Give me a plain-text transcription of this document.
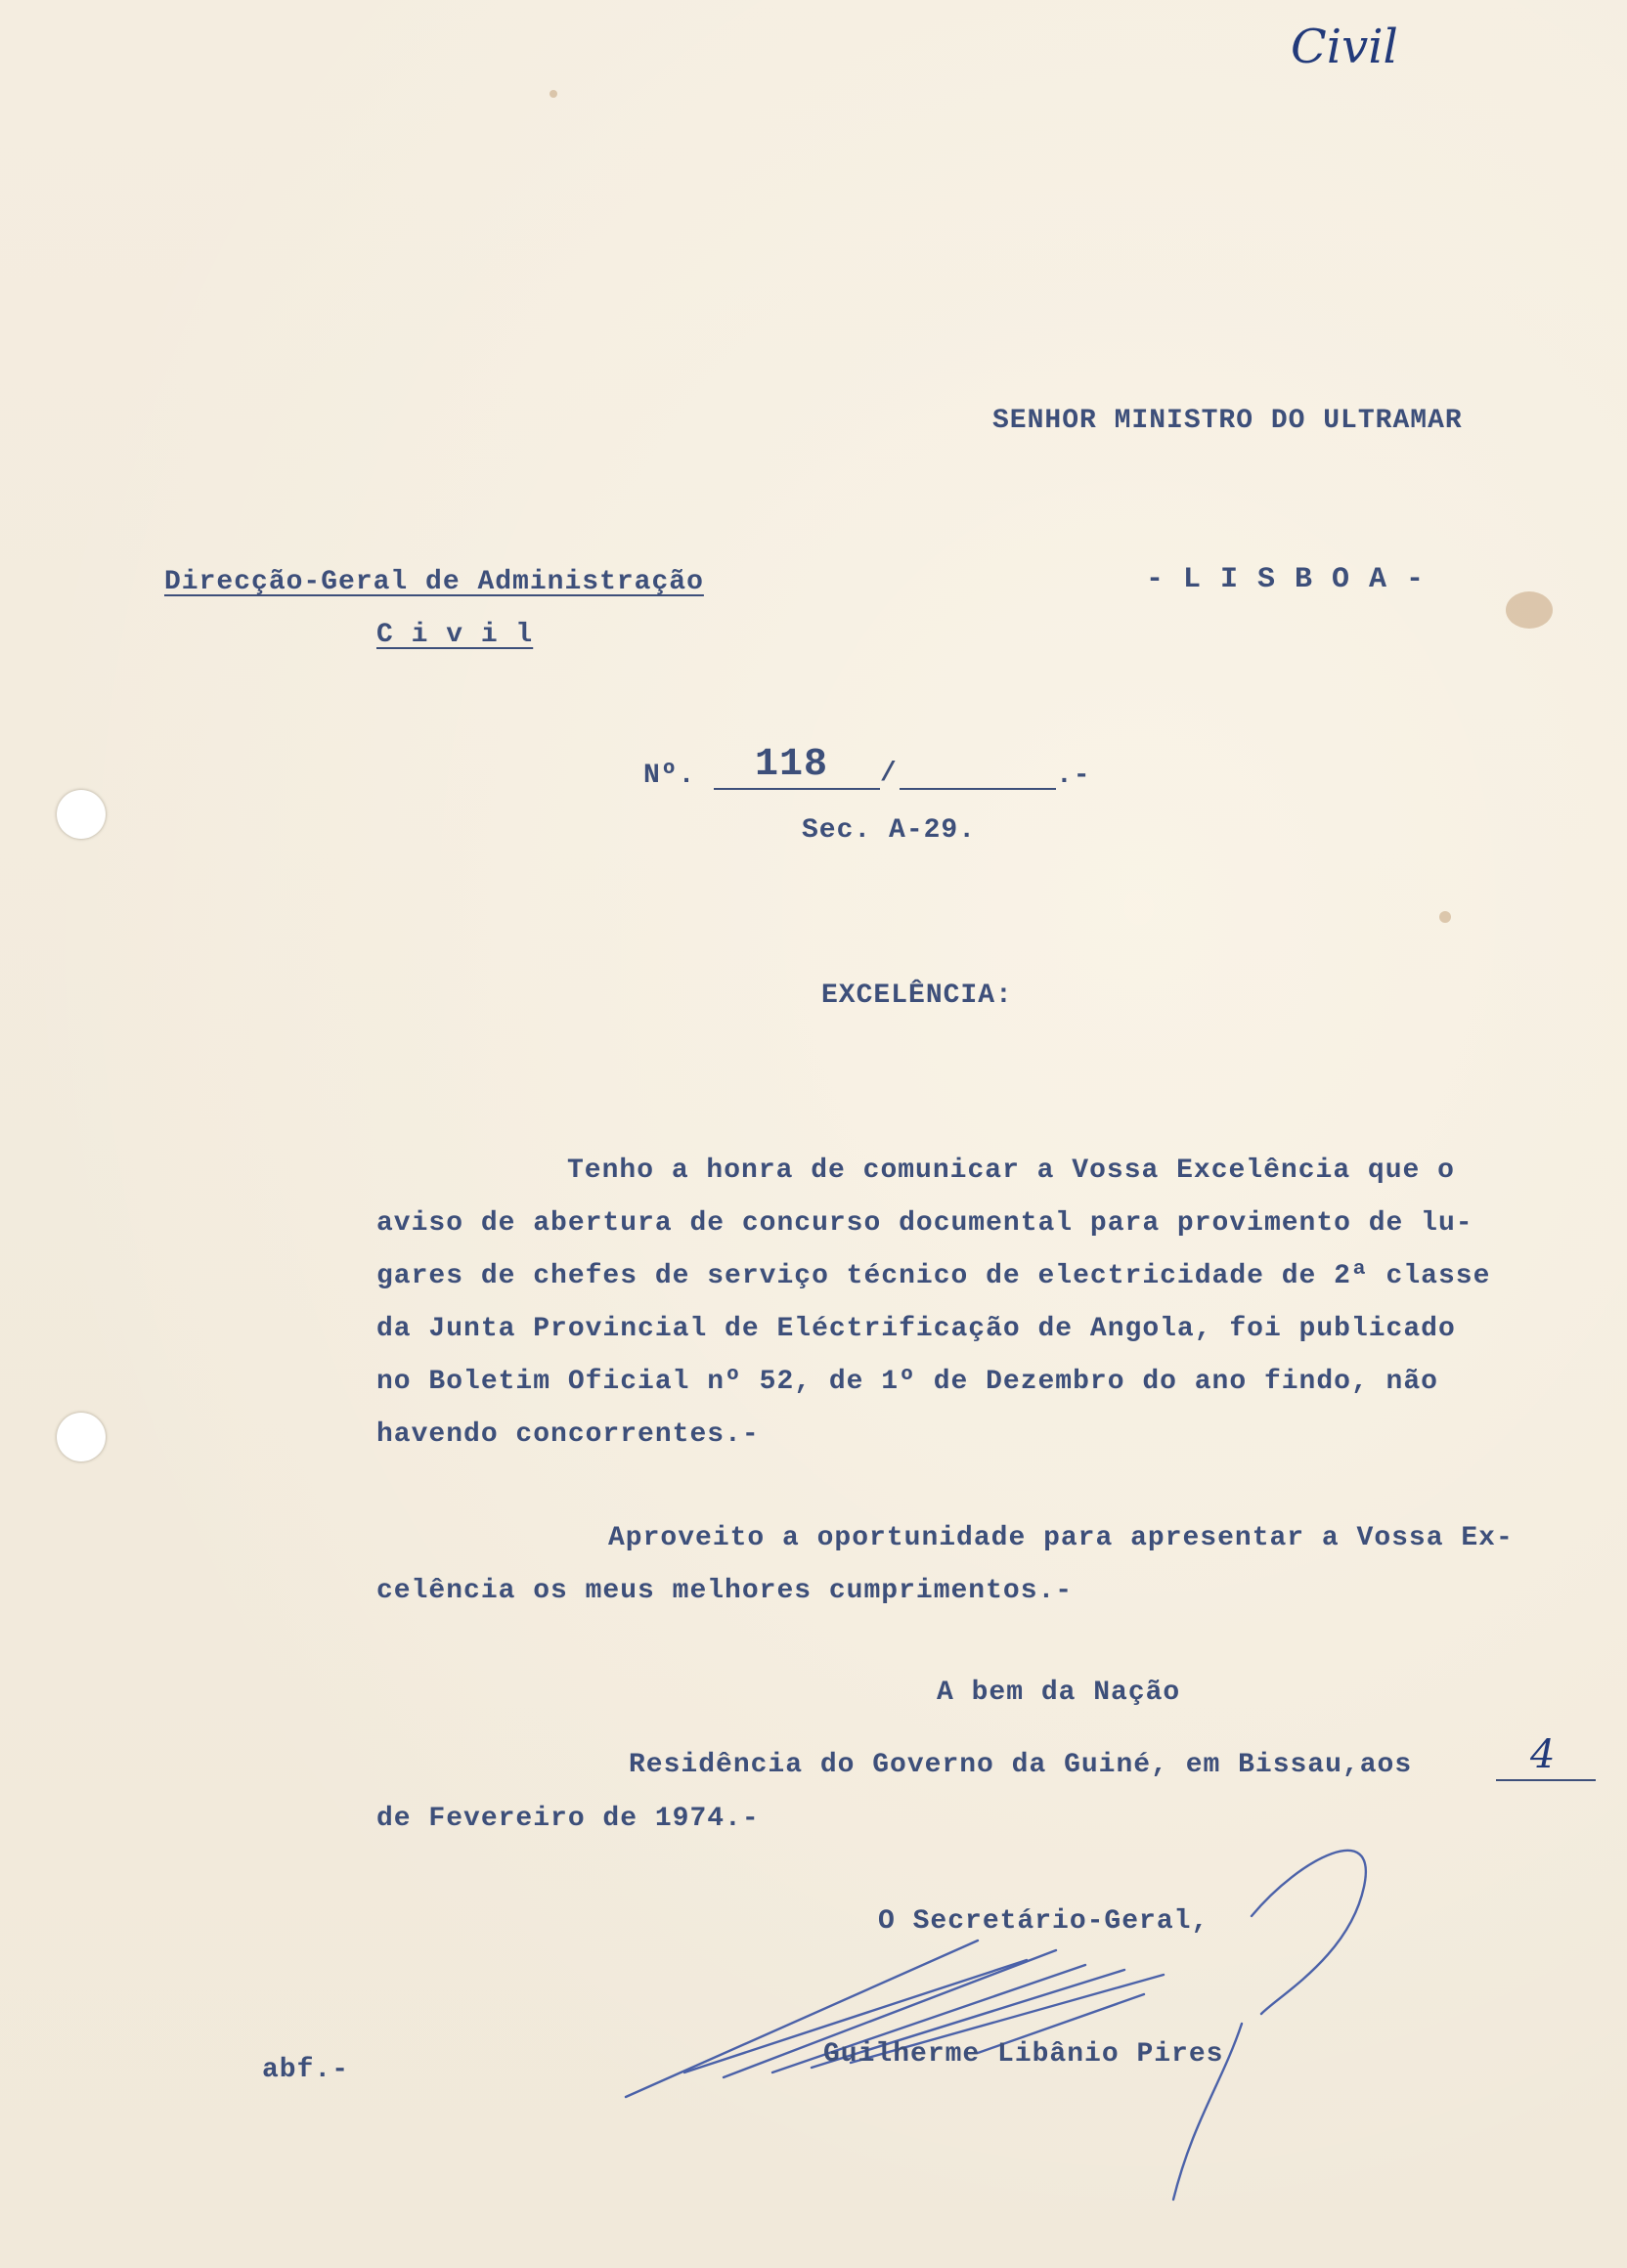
Civil
SENHOR MINISTRO DO ULTRAMAR
Direcção-Geral de Administração
C i v i l
- L I S B O A -
Nº. 118 /	.-
Sec. A-29.
EXCELÊNCIA:
Tenho a honra de comunicar a Vossa Excelência que o
aviso de abertura de concurso documental para provimento de lu-
gares de chefes de serviço técnico de electricidade de 2ª classe
da Junta Provincial de Eléctrificação de Angola, foi publicado
no Boletim Oficial nº 52, de 1º de Dezembro do ano findo, não
havendo concorrentes.-
Aproveito a oportunidade para apresentar a Vossa Ex-
celência os meus melhores cumprimentos.-
A bem da Nação
Residência do Governo da Guiné, em Bissau,aos	4
de Fevereiro de 1974.-
O Secretário-Geral,
Guilherme Libânio Pires
abf.-
